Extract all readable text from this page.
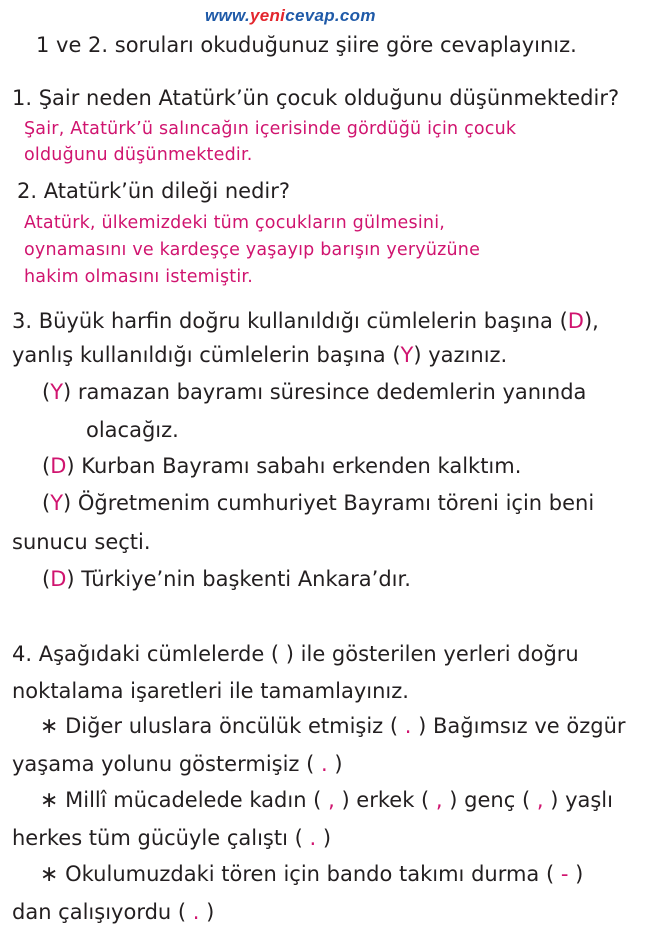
www.yenicevap.com
1 ve 2. soruları okuduğunuz şiire göre cevaplayınız.
1. Şair neden Atatürk’ün çocuk olduğunu düşünmektedir?
Şair, Atatürk’ü salıncağın içerisinde gördüğü için çocuk
olduğunu düşünmektedir.
2. Atatürk’ün dileği nedir?
Atatürk, ülkemizdeki tüm çocukların gülmesini,
oynamasını ve kardeşçe yaşayıp barışın yeryüzüne
hakim olmasını istemiştir.
3. Büyük harfin doğru kullanıldığı cümlelerin başına (D),
yanlış kullanıldığı cümlelerin başına (Y) yazınız.
(Y) ramazan bayramı süresince dedemlerin yanında
olacağız.
(D) Kurban Bayramı sabahı erkenden kalktım.
(Y) Öğretmenim cumhuriyet Bayramı töreni için beni
sunucu seçti.
(D) Türkiye’nin başkenti Ankara’dır.
4. Aşağıdaki cümlelerde ( ) ile gösterilen yerleri doğru
noktalama işaretleri ile tamamlayınız.
∗ Diğer uluslara öncülük etmişiz ( . ) Bağımsız ve özgür
yaşama yolunu göstermişiz ( . )
∗ Millî mücadelede kadın ( , ) erkek ( , ) genç ( , ) yaşlı
herkes tüm gücüyle çalıştı ( . )
∗ Okulumuzdaki tören için bando takımı durma ( - )
dan çalışıyordu ( . )
